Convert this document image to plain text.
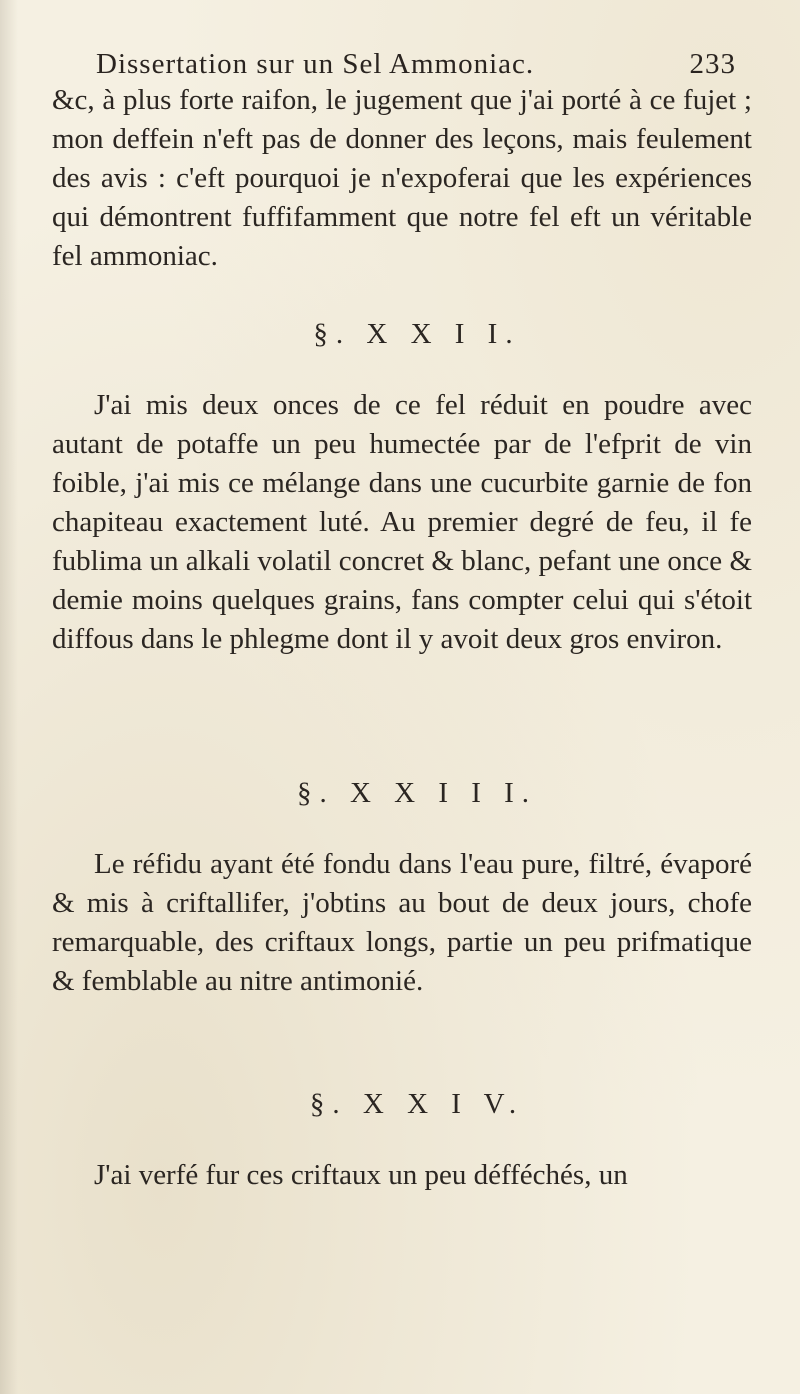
Dissertation sur un Sel Ammoniac.	233
&c, à plus forte raifon, le jugement que j'ai porté à ce fujet ; mon deffein n'eft pas de donner des leçons, mais feulement des avis : c'eft pourquoi je n'expoferai que les expériences qui démontrent fuffifamment que notre fel eft un véritable fel ammoniac.
§. X X I I.
J'ai mis deux onces de ce fel réduit en poudre avec autant de potaffe un peu humectée par de l'efprit de vin foible, j'ai mis ce mélange dans une cucurbite garnie de fon chapiteau exactement luté. Au premier degré de feu, il fe fublima un alkali volatil concret & blanc, pefant une once & demie moins quelques grains, fans compter celui qui s'étoit diffous dans le phlegme dont il y avoit deux gros environ.
§. X X I I I.
Le réfidu ayant été fondu dans l'eau pure, filtré, évaporé & mis à criftallifer, j'obtins au bout de deux jours, chofe remarquable, des criftaux longs, partie un peu prifmatique & femblable au nitre antimonié.
§. X X I V.
J'ai verfé fur ces criftaux un peu défféchés, un
